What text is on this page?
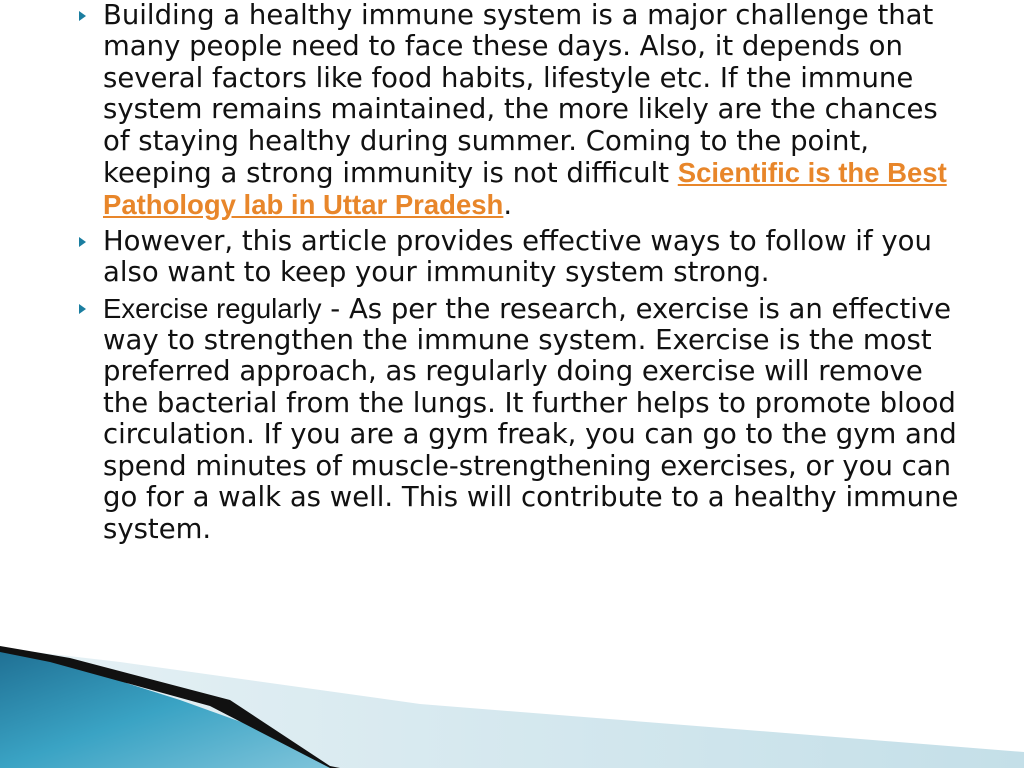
Building a healthy immune system is a major challenge that many people need to face these days. Also, it depends on several factors like food habits, lifestyle etc. If the immune system remains maintained, the more likely are the chances of staying healthy during summer. Coming to the point, keeping a strong immunity is not difficult Scientific is the Best Pathology lab in Uttar Pradesh.
However, this article provides effective ways to follow if you also want to keep your immunity system strong.
Exercise regularly - As per the research, exercise is an effective way to strengthen the immune system. Exercise is the most preferred approach, as regularly doing exercise will remove the bacterial from the lungs. It further helps to promote blood circulation. If you are a gym freak, you can go to the gym and spend minutes of muscle-strengthening exercises, or you can go for a walk as well. This will contribute to a healthy immune system.
